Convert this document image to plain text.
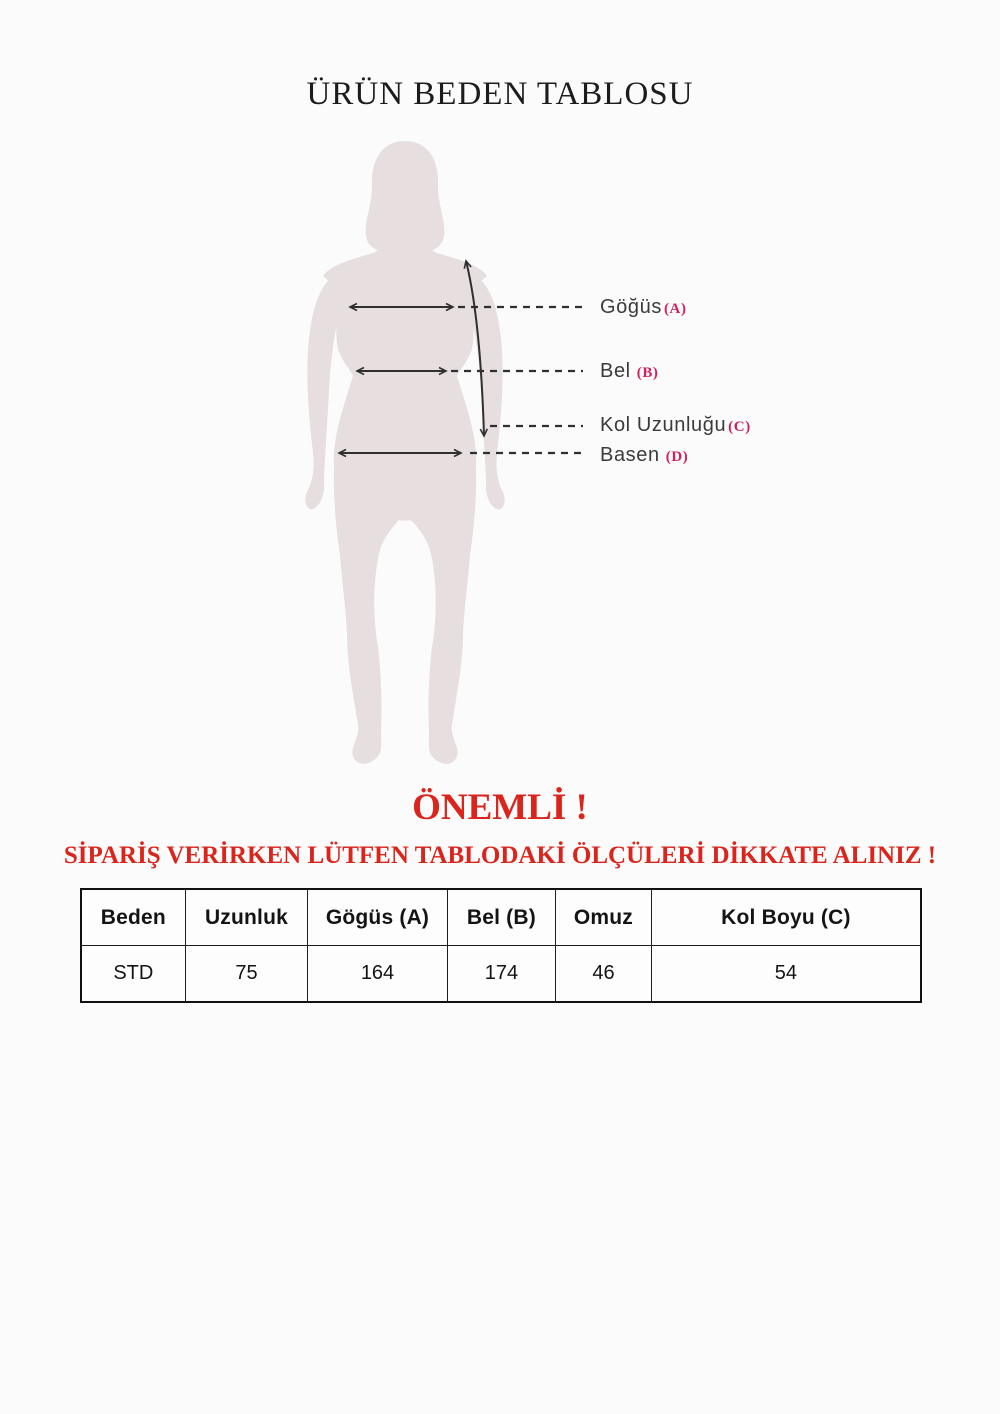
ÜRÜN BEDEN TABLOSU
Göğüs (A)
Bel (B)
Kol Uzunluğu (C)
Basen (D)
ÖNEMLİ !
SİPARİŞ VERİRKEN LÜTFEN TABLODAKİ ÖLÇÜLERİ DİKKATE ALINIZ !
Beden	Uzunluk	Gögüs (A)	Bel (B)	Omuz	Kol Boyu (C)
STD	75	164	174	46	54
